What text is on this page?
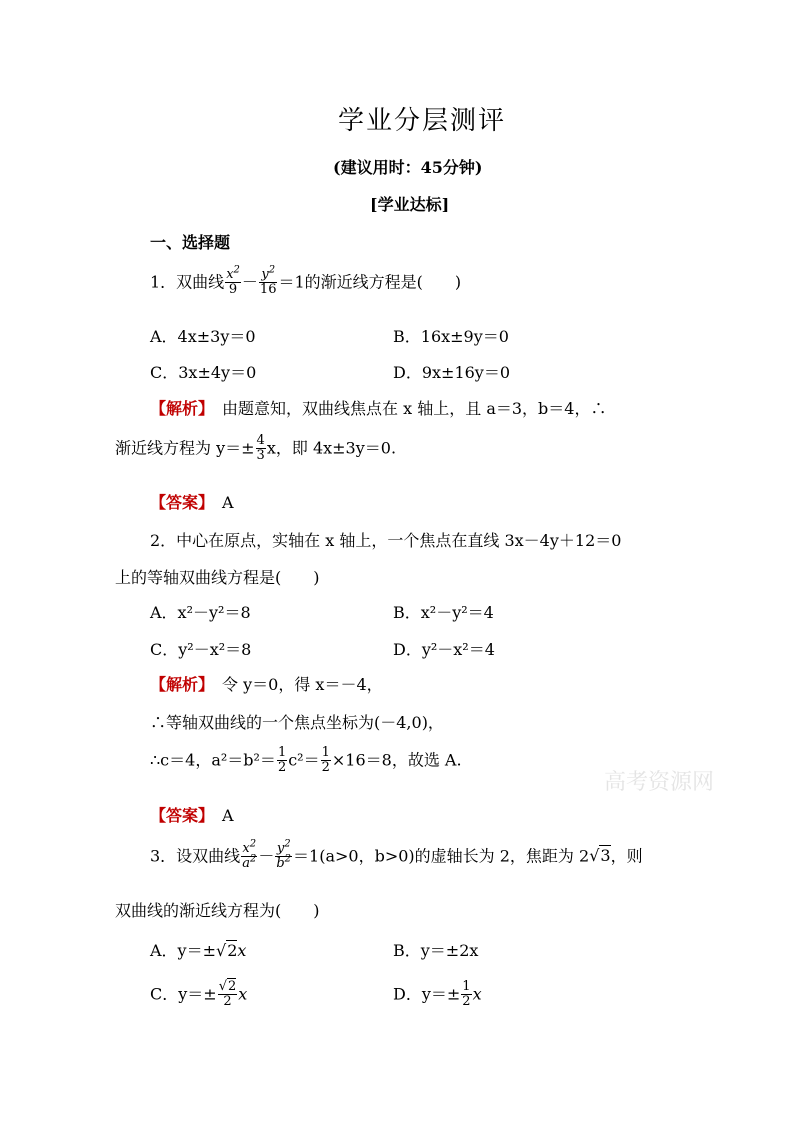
学业分层测评
(建议用时：45分钟)
[学业达标]
一、选择题
1．双曲线 $\frac{x^2}{9} - \frac{y^2}{16} =1$的渐近线方程是(　　)
A．4x±3y＝0	B．16x±9y＝0
C．3x±4y＝0	D．9x±16y＝0
【解析】　 由题意知，双曲线焦点在 x 轴上，且 a＝3，b＝4，∴
渐近线方程为 $y=\pm \frac{4}{3}$ x，即 4x±3y＝0.
【答案】　 A
2．中心在原点，实轴在 x 轴上，一个焦点在直线 3x－4y＋12＝0
上的等轴双曲线方程是(　　)
A．x²－y²＝8	B．x²－y²＝4
C．y²－x²＝8	D．y²－x²＝4
【解析】　 令 y＝0，得 x＝－4，
∴等轴双曲线的一个焦点坐标为(－4,0)，
∴c＝4，$a^2=b^2= \frac{1}{2} c^2= \frac{1}{2} \times 16=8$，故选 A.
【答案】　 A
3．设双曲线 $\frac{x^2}{a^2} - \frac{y^2}{b^2} =1(a>0$，b>0)的虚轴长为 2，焦距为 2√3，则
双曲线的渐近线方程为(　　)
A．y＝±√2x	B．y＝±2x
C．$y=\pm \frac{√2}{2}$ x	D．$y=\pm \frac{1}{2}$ x
高考资源网
